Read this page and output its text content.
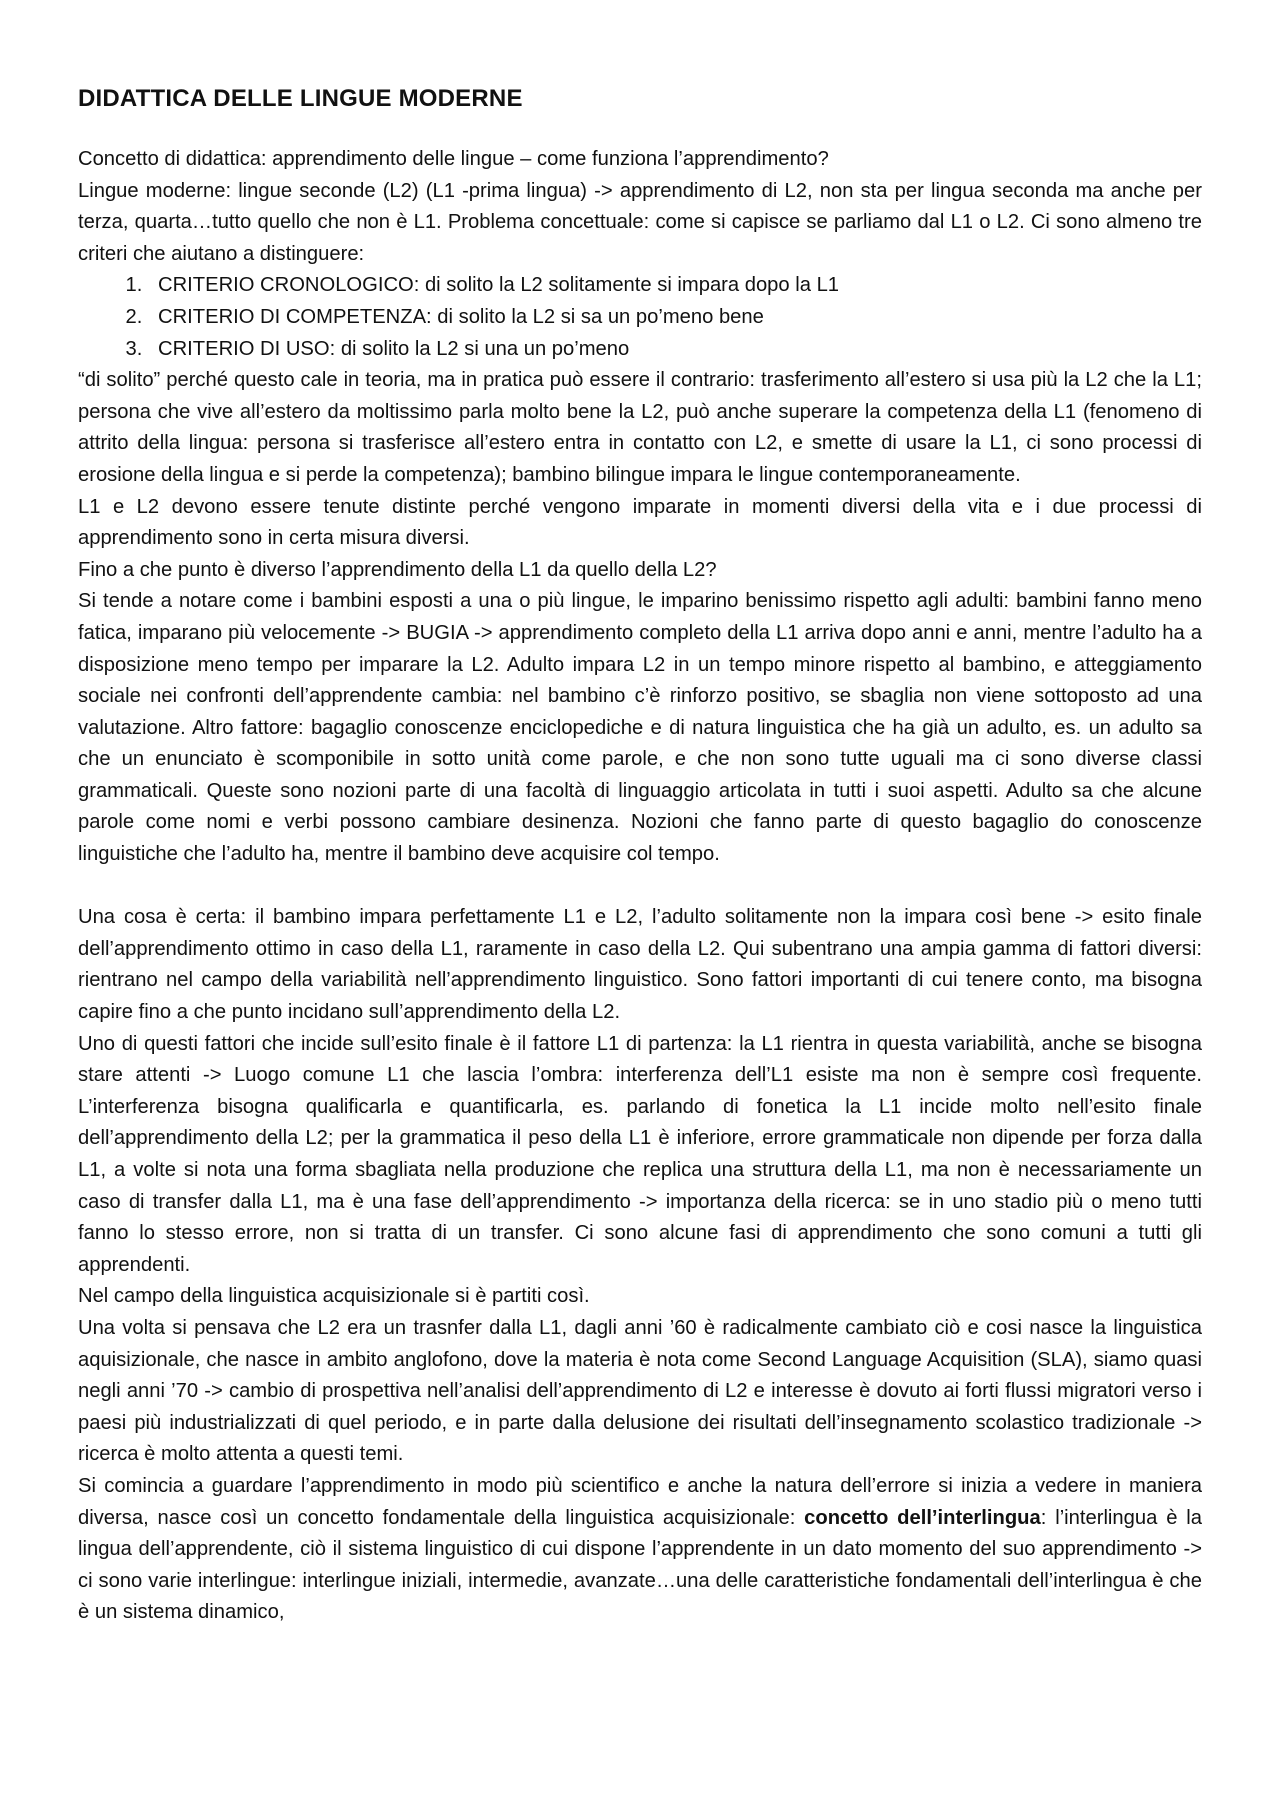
DIDATTICA DELLE LINGUE MODERNE

Concetto di didattica: apprendimento delle lingue – come funziona l’apprendimento?

Lingue moderne: lingue seconde (L2) (L1 -prima lingua) -> apprendimento di L2, non sta per lingua seconda ma anche per terza, quarta…tutto quello che non è L1. Problema concettuale: come si capisce se parliamo dal L1 o L2. Ci sono almeno tre criteri che aiutano a distinguere:

1. CRITERIO CRONOLOGICO: di solito la L2 solitamente si impara dopo la L1
2. CRITERIO DI COMPETENZA: di solito la L2 si sa un po’meno bene
3. CRITERIO DI USO: di solito la L2 si una un po’meno

“di solito” perché questo cale in teoria, ma in pratica può essere il contrario: trasferimento all’estero si usa più la L2 che la L1; persona che vive all’estero da moltissimo parla molto bene la L2, può anche superare la competenza della L1 (fenomeno di attrito della lingua: persona si trasferisce all’estero entra in contatto con L2, e smette di usare la L1, ci sono processi di erosione della lingua e si perde la competenza); bambino bilingue impara le lingue contemporaneamente.

L1 e L2 devono essere tenute distinte perché vengono imparate in momenti diversi della vita e i due processi di apprendimento sono in certa misura diversi.

Fino a che punto è diverso l’apprendimento della L1 da quello della L2?

Si tende a notare come i bambini esposti a una o più lingue, le imparino benissimo rispetto agli adulti: bambini fanno meno fatica, imparano più velocemente -> BUGIA -> apprendimento completo della L1 arriva dopo anni e anni, mentre l’adulto ha a disposizione meno tempo per imparare la L2. Adulto impara L2 in un tempo minore rispetto al bambino, e atteggiamento sociale nei confronti dell’apprendente cambia: nel bambino c’è rinforzo positivo, se sbaglia non viene sottoposto ad una valutazione. Altro fattore: bagaglio conoscenze enciclopediche e di natura linguistica che ha già un adulto, es. un adulto sa che un enunciato è scomponibile in sotto unità come parole, e che non sono tutte uguali ma ci sono diverse classi grammaticali. Queste sono nozioni parte di una facoltà di linguaggio articolata in tutti i suoi aspetti. Adulto sa che alcune parole come nomi e verbi possono cambiare desinenza. Nozioni che fanno parte di questo bagaglio do conoscenze linguistiche che l’adulto ha, mentre il bambino deve acquisire col tempo.

Una cosa è certa: il bambino impara perfettamente L1 e L2, l’adulto solitamente non la impara così bene -> esito finale dell’apprendimento ottimo in caso della L1, raramente in caso della L2. Qui subentrano una ampia gamma di fattori diversi: rientrano nel campo della variabilità nell’apprendimento linguistico. Sono fattori importanti di cui tenere conto, ma bisogna capire fino a che punto incidano sull’apprendimento della L2.

Uno di questi fattori che incide sull’esito finale è il fattore L1 di partenza: la L1 rientra in questa variabilità, anche se bisogna stare attenti -> Luogo comune L1 che lascia l’ombra: interferenza dell’L1 esiste ma non è sempre così frequente. L’interferenza bisogna qualificarla e quantificarla, es. parlando di fonetica la L1 incide molto nell’esito finale dell’apprendimento della L2; per la grammatica il peso della L1 è inferiore, errore grammaticale non dipende per forza dalla L1, a volte si nota una forma sbagliata nella produzione che replica una struttura della L1, ma non è necessariamente un caso di transfer dalla L1, ma è una fase dell’apprendimento -> importanza della ricerca: se in uno stadio più o meno tutti fanno lo stesso errore, non si tratta di un transfer. Ci sono alcune fasi di apprendimento che sono comuni a tutti gli apprendenti.

Nel campo della linguistica acquisizionale si è partiti così.

Una volta si pensava che L2 era un trasnfer dalla L1, dagli anni ’60 è radicalmente cambiato ciò e cosi nasce la linguistica aquisizionale, che nasce in ambito anglofono, dove la materia è nota come Second Language Acquisition (SLA), siamo quasi negli anni ’70 -> cambio di prospettiva nell’analisi dell’apprendimento di L2 e interesse è dovuto ai forti flussi migratori verso i paesi più industrializzati di quel periodo, e in parte dalla delusione dei risultati dell’insegnamento scolastico tradizionale -> ricerca è molto attenta a questi temi.

Si comincia a guardare l’apprendimento in modo più scientifico e anche la natura dell’errore si inizia a vedere in maniera diversa, nasce così un concetto fondamentale della linguistica acquisizionale: concetto dell’interlingua: l’interlingua è la lingua dell’apprendente, ciò il sistema linguistico di cui dispone l’apprendente in un dato momento del suo apprendimento -> ci sono varie interlingue: interlingue iniziali, intermedie, avanzate…una delle caratteristiche fondamentali dell’interlingua è che è un sistema dinamico,
